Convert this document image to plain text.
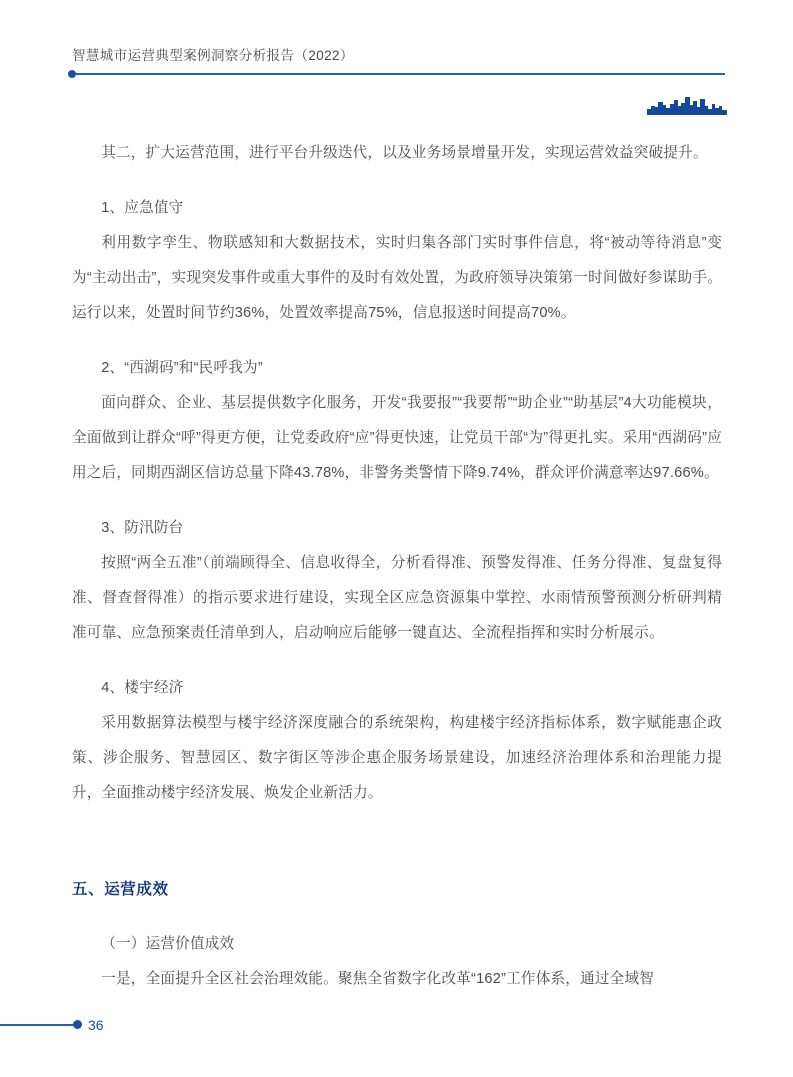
智慧城市运营典型案例洞察分析报告（2022）

其二，扩大运营范围，进行平台升级迭代，以及业务场景增量开发，实现运营效益突破提升。

1、应急值守

利用数字孪生、物联感知和大数据技术，实时归集各部门实时事件信息，将“被动等待消息”变为“主动出击”，实现突发事件或重大事件的及时有效处置，为政府领导决策第一时间做好参谋助手。运行以来，处置时间节约36%，处置效率提高75%，信息报送时间提高70%。

2、“西湖码”和“民呼我为”

面向群众、企业、基层提供数字化服务，开发“我要报”“我要帮”“助企业”“助基层”4大功能模块，全面做到让群众“呼”得更方便，让党委政府“应”得更快速，让党员干部“为”得更扎实。采用“西湖码”应用之后，同期西湖区信访总量下降43.78%，非警务类警情下降9.74%，群众评价满意率达97.66%。

3、防汛防台

按照“两全五准”（前端顾得全、信息收得全，分析看得准、预警发得准、任务分得准、复盘复得准、督查督得准）的指示要求进行建设，实现全区应急资源集中掌控、水雨情预警预测分析研判精准可靠、应急预案责任清单到人，启动响应后能够一键直达、全流程指挥和实时分析展示。

4、楼宇经济

采用数据算法模型与楼宇经济深度融合的系统架构，构建楼宇经济指标体系，数字赋能惠企政策、涉企服务、智慧园区、数字街区等涉企惠企服务场景建设，加速经济治理体系和治理能力提升，全面推动楼宇经济发展、焕发企业新活力。

五、运营成效

（一）运营价值成效

一是，全面提升全区社会治理效能。聚焦全省数字化改革“162”工作体系，通过全域智

36
